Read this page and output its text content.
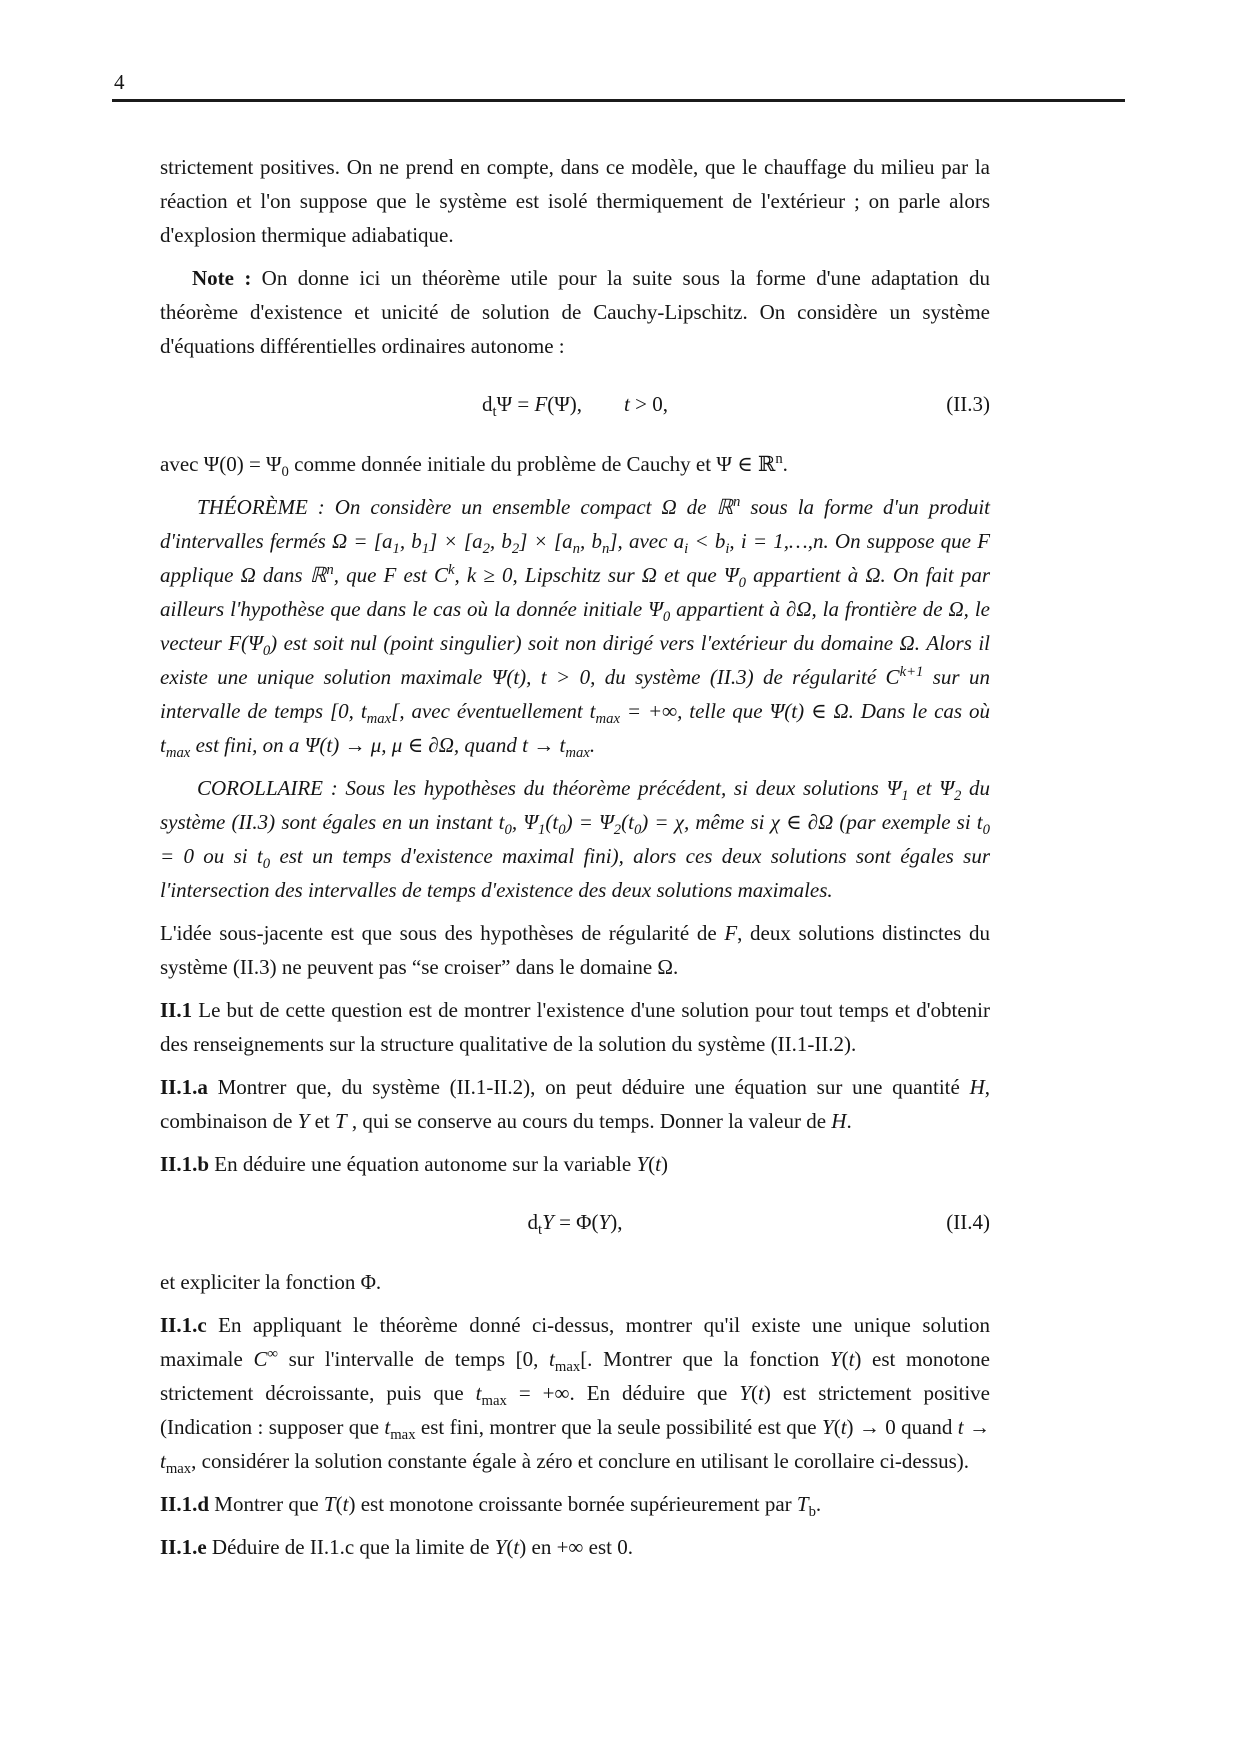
4

strictement positives. On ne prend en compte, dans ce modèle, que le chauffage du milieu par la réaction et l'on suppose que le système est isolé thermiquement de l'extérieur ; on parle alors d'explosion thermique adiabatique.

Note : On donne ici un théorème utile pour la suite sous la forme d'une adaptation du théorème d'existence et unicité de solution de Cauchy-Lipschitz. On considère un système d'équations différentielles ordinaires autonome :

$d_t\Psi = F(\Psi)$,  t > 0,	(II.3)

avec $\Psi(0) = \Psi_0$ comme donnée initiale du problème de Cauchy et Ψ ∈ ℝ$^n$.

THÉORÈME : On considère un ensemble compact Ω de ℝ$^n$ sous la forme d'un produit d'intervalles fermés $\Omega = [a_1$, $b_1] \times [a_2$, $b_2] \times [a_n$, $b_n$], avec $a_i < b_i$, i = 1,…,n. On suppose que F applique Ω dans ℝ$^n$, que F est $C^k$, k ≥ 0, Lipschitz sur Ω et que $\Psi_0$ appartient à Ω. On fait par ailleurs l'hypothèse que dans le cas où la donnée initiale $\Psi_0$ appartient à ∂Ω, la frontière de Ω, le vecteur $F(\Psi_0)$ est soit nul (point singulier) soit non dirigé vers l'extérieur du domaine Ω. Alors il existe une unique solution maximale Ψ(t), t > 0, du système (II.3) de régularité $C^{k+1}$ sur un intervalle de temps [0, $t_{max}$[, avec éventuellement $t_{max}$ = +∞, telle que Ψ(t) ∈ Ω. Dans le cas où $t_{max}$ est fini, on a Ψ(t) → μ, μ ∈ ∂Ω, quand $t \to t_{max}$.

COROLLAIRE : Sous les hypothèses du théorème précédent, si deux solutions $\Psi_1$ et $\Psi_2$ du système (II.3) sont égales en un instant $t_0$, $\Psi_1(t_0) = \Psi_2(t_0) = \chi$, même si χ ∈ ∂Ω (par exemple si $t_0 = 0$ ou si $t_0$ est un temps d'existence maximal fini), alors ces deux solutions sont égales sur l'intersection des intervalles de temps d'existence des deux solutions maximales.

L'idée sous-jacente est que sous des hypothèses de régularité de F, deux solutions distinctes du système (II.3) ne peuvent pas “se croiser” dans le domaine Ω.

II.1 Le but de cette question est de montrer l'existence d'une solution pour tout temps et d'obtenir des renseignements sur la structure qualitative de la solution du système (II.1-II.2).

II.1.a Montrer que, du système (II.1-II.2), on peut déduire une équation sur une quantité H, combinaison de Y et T , qui se conserve au cours du temps. Donner la valeur de H.

II.1.b En déduire une équation autonome sur la variable Y(t)

$d_tY = \Phi(Y)$,	(II.4)

et expliciter la fonction Φ.

II.1.c En appliquant le théorème donné ci-dessus, montrer qu'il existe une unique solution maximale C∞ sur l'intervalle de temps [0, $t_{max}$[. Montrer que la fonction Y(t) est monotone strictement décroissante, puis que $t_{max}$ = +∞. En déduire que Y(t) est strictement positive (Indication : supposer que $t_{max}$ est fini, montrer que la seule possibilité est que Y(t) → 0 quand $t \to t_{max}$, considérer la solution constante égale à zéro et conclure en utilisant le corollaire ci-dessus).

II.1.d Montrer que T(t) est monotone croissante bornée supérieurement par $T_b$.

II.1.e Déduire de II.1.c que la limite de Y(t) en +∞ est 0.
